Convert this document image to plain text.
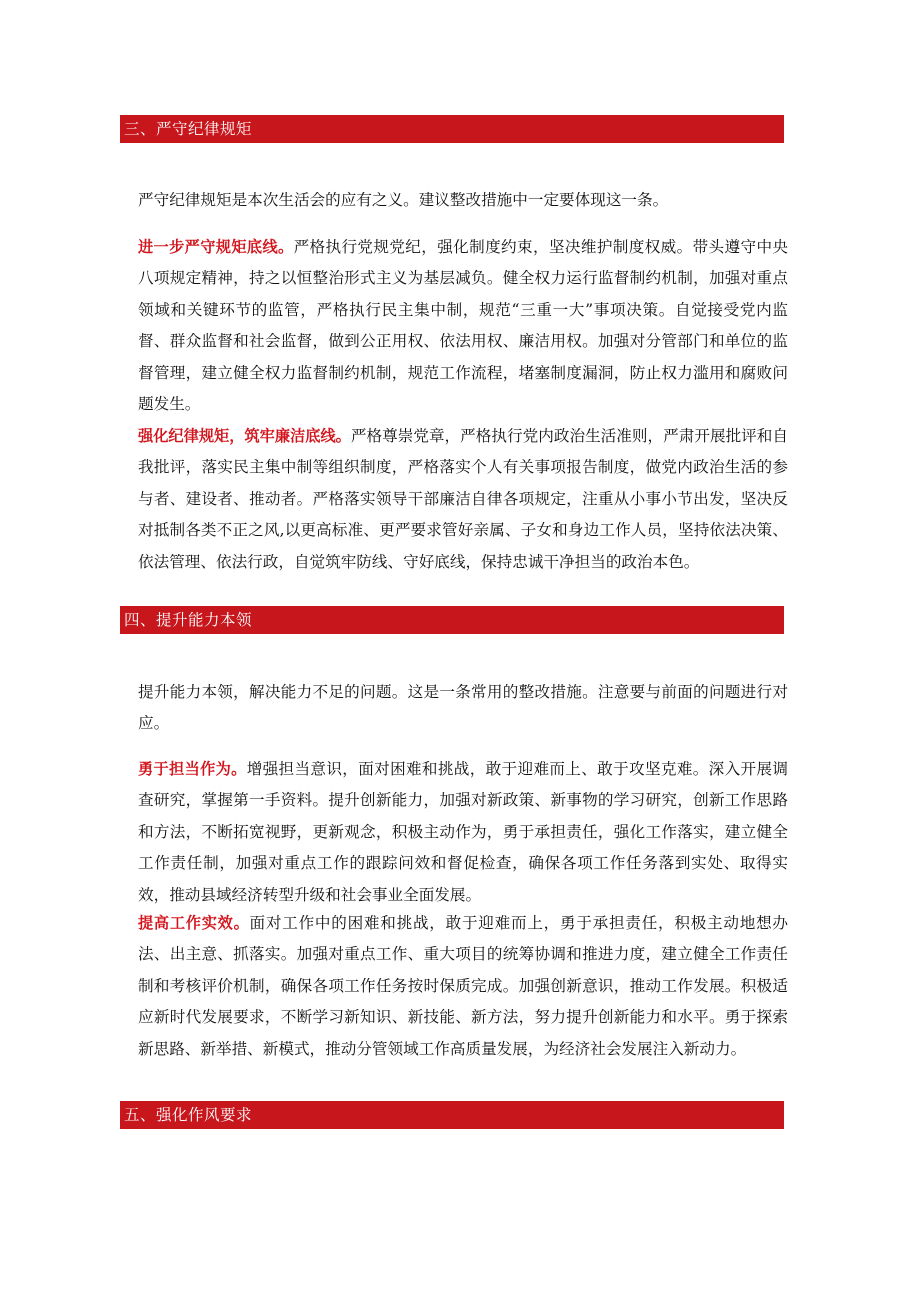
三、严守纪律规矩

严守纪律规矩是本次生活会的应有之义。建议整改措施中一定要体现这一条。

进一步严守规矩底线。严格执行党规党纪，强化制度约束，坚决维护制度权威。带头遵守中央八项规定精神，持之以恒整治形式主义为基层减负。健全权力运行监督制约机制，加强对重点领域和关键环节的监管，严格执行民主集中制，规范“三重一大”事项决策。自觉接受党内监督、群众监督和社会监督，做到公正用权、依法用权、廉洁用权。加强对分管部门和单位的监督管理，建立健全权力监督制约机制，规范工作流程，堵塞制度漏洞，防止权力滥用和腐败问题发生。

强化纪律规矩，筑牢廉洁底线。严格尊崇党章，严格执行党内政治生活准则，严肃开展批评和自我批评，落实民主集中制等组织制度，严格落实个人有关事项报告制度，做党内政治生活的参与者、建设者、推动者。严格落实领导干部廉洁自律各项规定，注重从小事小节出发，坚决反对抵制各类不正之风,以更高标准、更严要求管好亲属、子女和身边工作人员，坚持依法决策、依法管理、依法行政，自觉筑牢防线、守好底线，保持忠诚干净担当的政治本色。

四、提升能力本领

提升能力本领，解决能力不足的问题。这是一条常用的整改措施。注意要与前面的问题进行对应。

勇于担当作为。增强担当意识，面对困难和挑战，敢于迎难而上、敢于攻坚克难。深入开展调查研究，掌握第一手资料。提升创新能力，加强对新政策、新事物的学习研究，创新工作思路和方法，不断拓宽视野，更新观念，积极主动作为，勇于承担责任，强化工作落实，建立健全工作责任制，加强对重点工作的跟踪问效和督促检查，确保各项工作任务落到实处、取得实效，推动县域经济转型升级和社会事业全面发展。

提高工作实效。面对工作中的困难和挑战，敢于迎难而上，勇于承担责任，积极主动地想办法、出主意、抓落实。加强对重点工作、重大项目的统筹协调和推进力度，建立健全工作责任制和考核评价机制，确保各项工作任务按时保质完成。加强创新意识，推动工作发展。积极适应新时代发展要求，不断学习新知识、新技能、新方法，努力提升创新能力和水平。勇于探索新思路、新举措、新模式，推动分管领域工作高质量发展，为经济社会发展注入新动力。

五、强化作风要求
